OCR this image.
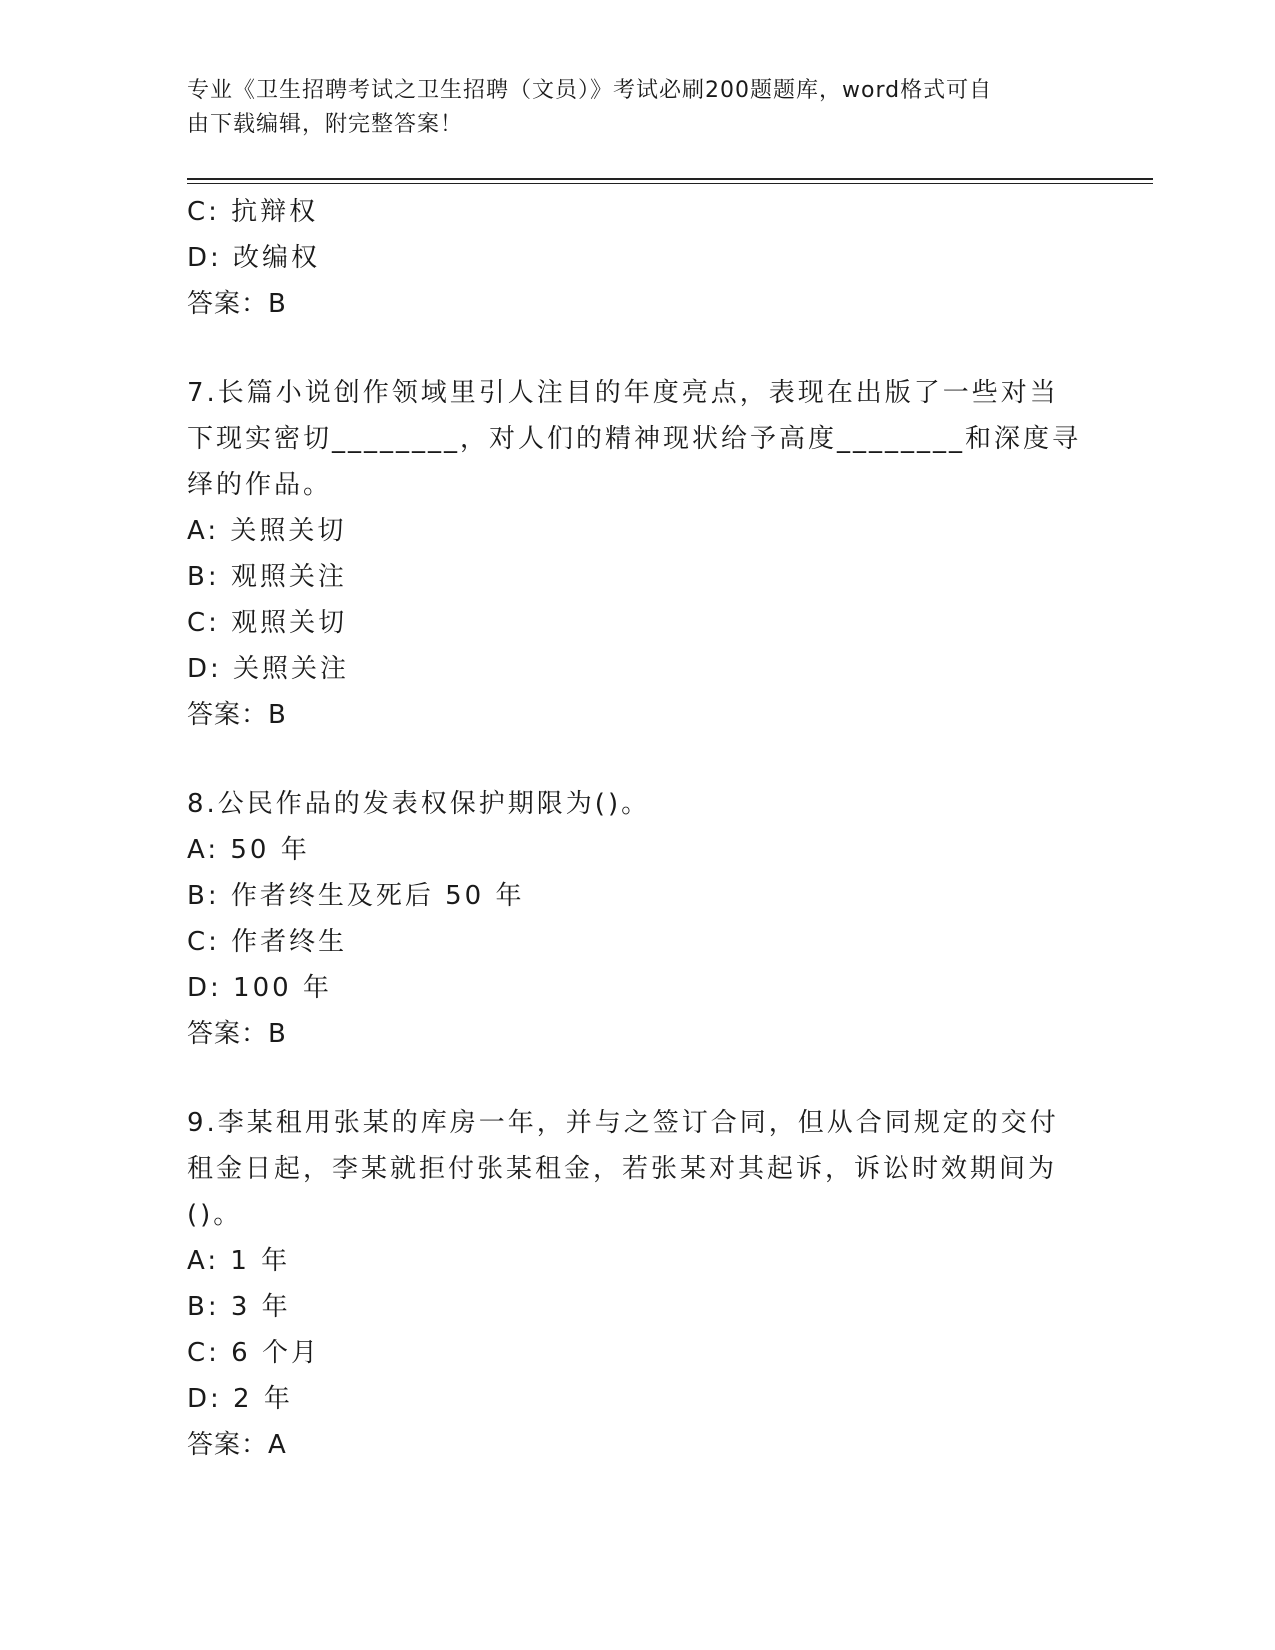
专业《卫生招聘考试之卫生招聘（文员）》考试必刷200题题库，word格式可自
由下载编辑，附完整答案！
C: 抗辩权
D: 改编权
答案：B
7.长篇小说创作领域里引人注目的年度亮点，表现在出版了一些对当
下现实密切________，对人们的精神现状给予高度________和深度寻
绎的作品。
A: 关照关切
B: 观照关注
C: 观照关切
D: 关照关注
答案：B
8.公民作品的发表权保护期限为()。
A: 50 年
B: 作者终生及死后 50 年
C: 作者终生
D: 100 年
答案：B
9.李某租用张某的库房一年，并与之签订合同，但从合同规定的交付
租金日起，李某就拒付张某租金，若张某对其起诉，诉讼时效期间为
()。
A: 1 年
B: 3 年
C: 6 个月
D: 2 年
答案：A
